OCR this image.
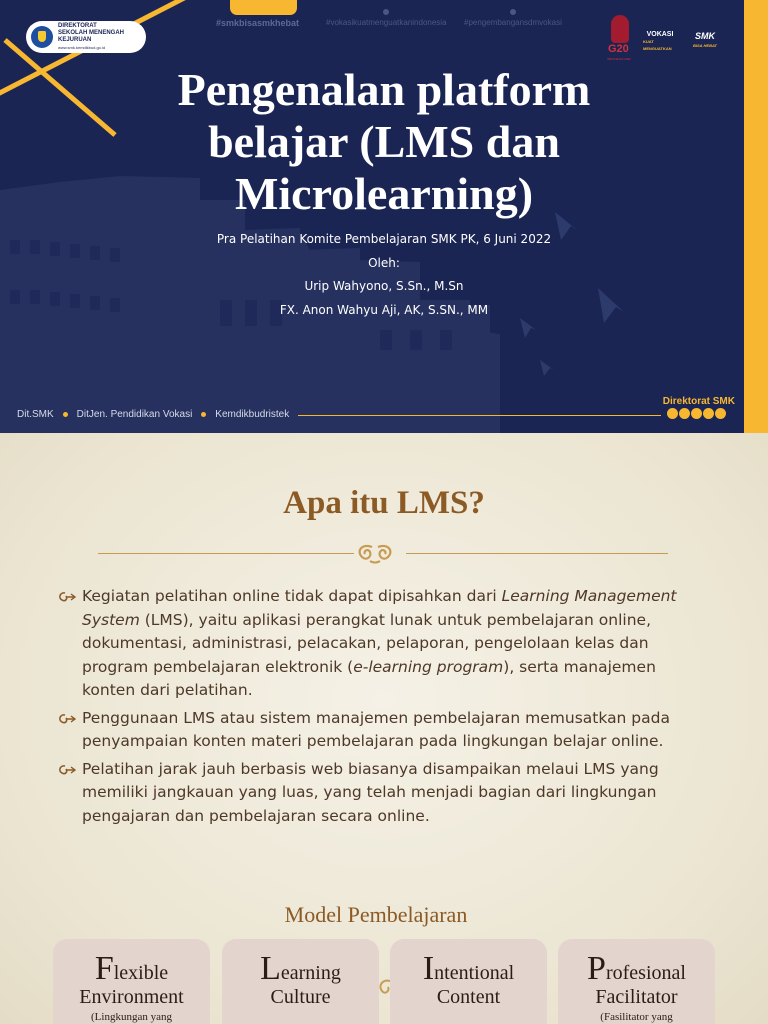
DIREKTORAT
SEKOLAH MENENGAH
KEJURUAN
www.smk.kemdikbud.go.id
#smkbisasmkhebat	#vokasikuatmenguatkanindonesia #pengembangansdmvokasi
G20
INDONESIA 2022
VOKASI
KUAT MENGUATKAN
SMK
BISA HEBAT
Pengenalan platform
belajar (LMS dan
Microlearning)
Pra Pelatihan Komite Pembelajaran SMK PK, 6 Juni 2022
Oleh:
Urip Wahyono, S.Sn., M.Sn
FX. Anon Wahyu Aji, AK, S.SN., MM
Dit.SMK DitJen. Pendidikan Vokasi Kemdikbudristek
Direktorat SMK
Apa itu LMS?
Kegiatan pelatihan online tidak dapat dipisahkan dari Learning Management System (LMS), yaitu aplikasi perangkat lunak untuk pembelajaran online, dokumentasi, administrasi, pelacakan, pelaporan, pengelolaan kelas dan program pembelajaran elektronik (e-learning program), serta manajemen konten dari pelatihan.
Penggunaan LMS atau sistem manajemen pembelajaran memusatkan pada penyampaian konten materi pembelajaran pada lingkungan belajar online.
Pelatihan jarak jauh berbasis web biasanya disampaikan melaui LMS yang memiliki jangkauan yang luas, yang telah menjadi bagian dari lingkungan pengajaran dan pembelajaran secara online.
Model Pembelajaran
Flexible
Environment
(Lingkungan yang
Learning
Culture
Intentional
Content
Profesional
Facilitator
(Fasilitator yang
